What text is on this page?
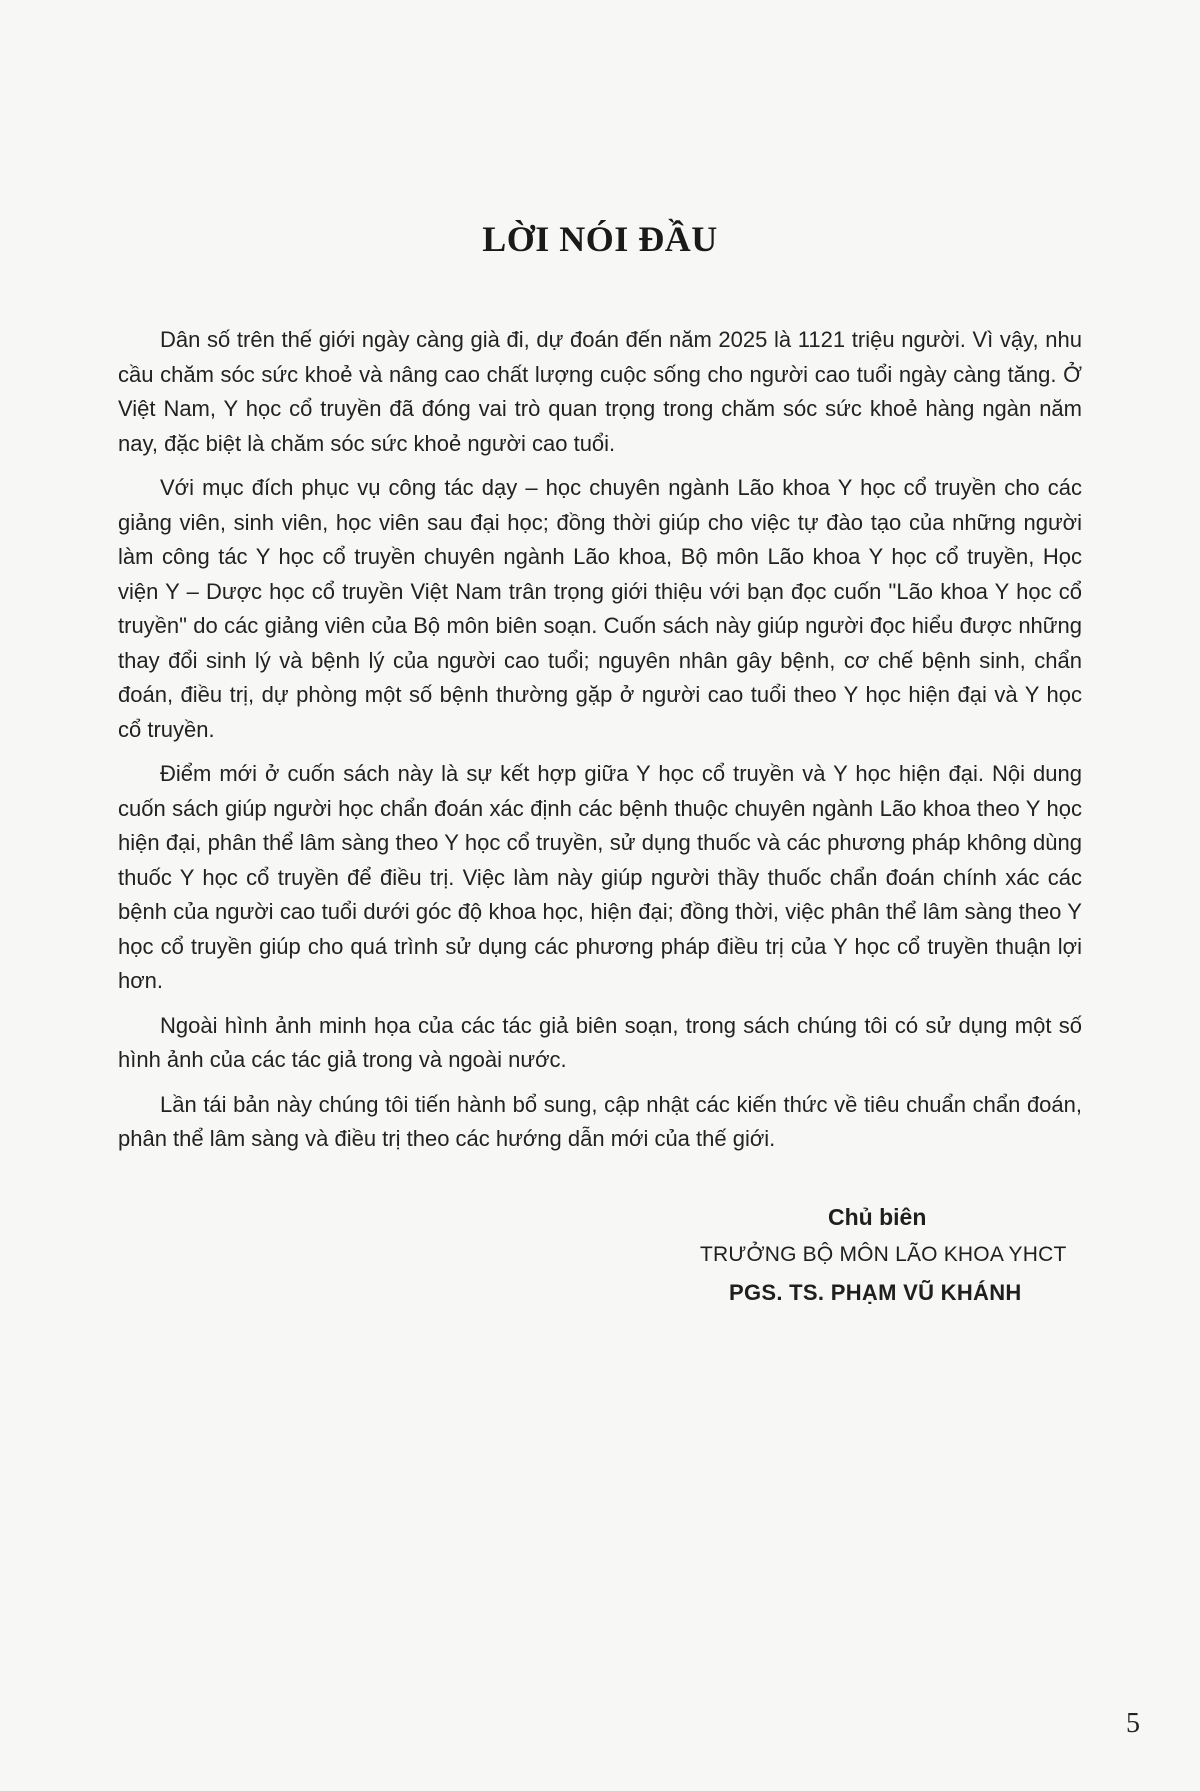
LỜI NÓI ĐẦU

Dân số trên thế giới ngày càng già đi, dự đoán đến năm 2025 là 1121 triệu người. Vì vậy, nhu cầu chăm sóc sức khoẻ và nâng cao chất lượng cuộc sống cho người cao tuổi ngày càng tăng. Ở Việt Nam, Y học cổ truyền đã đóng vai trò quan trọng trong chăm sóc sức khoẻ hàng ngàn năm nay, đặc biệt là chăm sóc sức khoẻ người cao tuổi.

Với mục đích phục vụ công tác dạy – học chuyên ngành Lão khoa Y học cổ truyền cho các giảng viên, sinh viên, học viên sau đại học; đồng thời giúp cho việc tự đào tạo của những người làm công tác Y học cổ truyền chuyên ngành Lão khoa, Bộ môn Lão khoa Y học cổ truyền, Học viện Y – Dược học cổ truyền Việt Nam trân trọng giới thiệu với bạn đọc cuốn "Lão khoa Y học cổ truyền" do các giảng viên của Bộ môn biên soạn. Cuốn sách này giúp người đọc hiểu được những thay đổi sinh lý và bệnh lý của người cao tuổi; nguyên nhân gây bệnh, cơ chế bệnh sinh, chẩn đoán, điều trị, dự phòng một số bệnh thường gặp ở người cao tuổi theo Y học hiện đại và Y học cổ truyền.

Điểm mới ở cuốn sách này là sự kết hợp giữa Y học cổ truyền và Y học hiện đại. Nội dung cuốn sách giúp người học chẩn đoán xác định các bệnh thuộc chuyên ngành Lão khoa theo Y học hiện đại, phân thể lâm sàng theo Y học cổ truyền, sử dụng thuốc và các phương pháp không dùng thuốc Y học cổ truyền để điều trị. Việc làm này giúp người thầy thuốc chẩn đoán chính xác các bệnh của người cao tuổi dưới góc độ khoa học, hiện đại; đồng thời, việc phân thể lâm sàng theo Y học cổ truyền giúp cho quá trình sử dụng các phương pháp điều trị của Y học cổ truyền thuận lợi hơn.

Ngoài hình ảnh minh họa của các tác giả biên soạn, trong sách chúng tôi có sử dụng một số hình ảnh của các tác giả trong và ngoài nước.

Lần tái bản này chúng tôi tiến hành bổ sung, cập nhật các kiến thức về tiêu chuẩn chẩn đoán, phân thể lâm sàng và điều trị theo các hướng dẫn mới của thế giới.

Chủ biên
TRƯỞNG BỘ MÔN LÃO KHOA YHCT
PGS. TS. PHẠM VŨ KHÁNH
5
